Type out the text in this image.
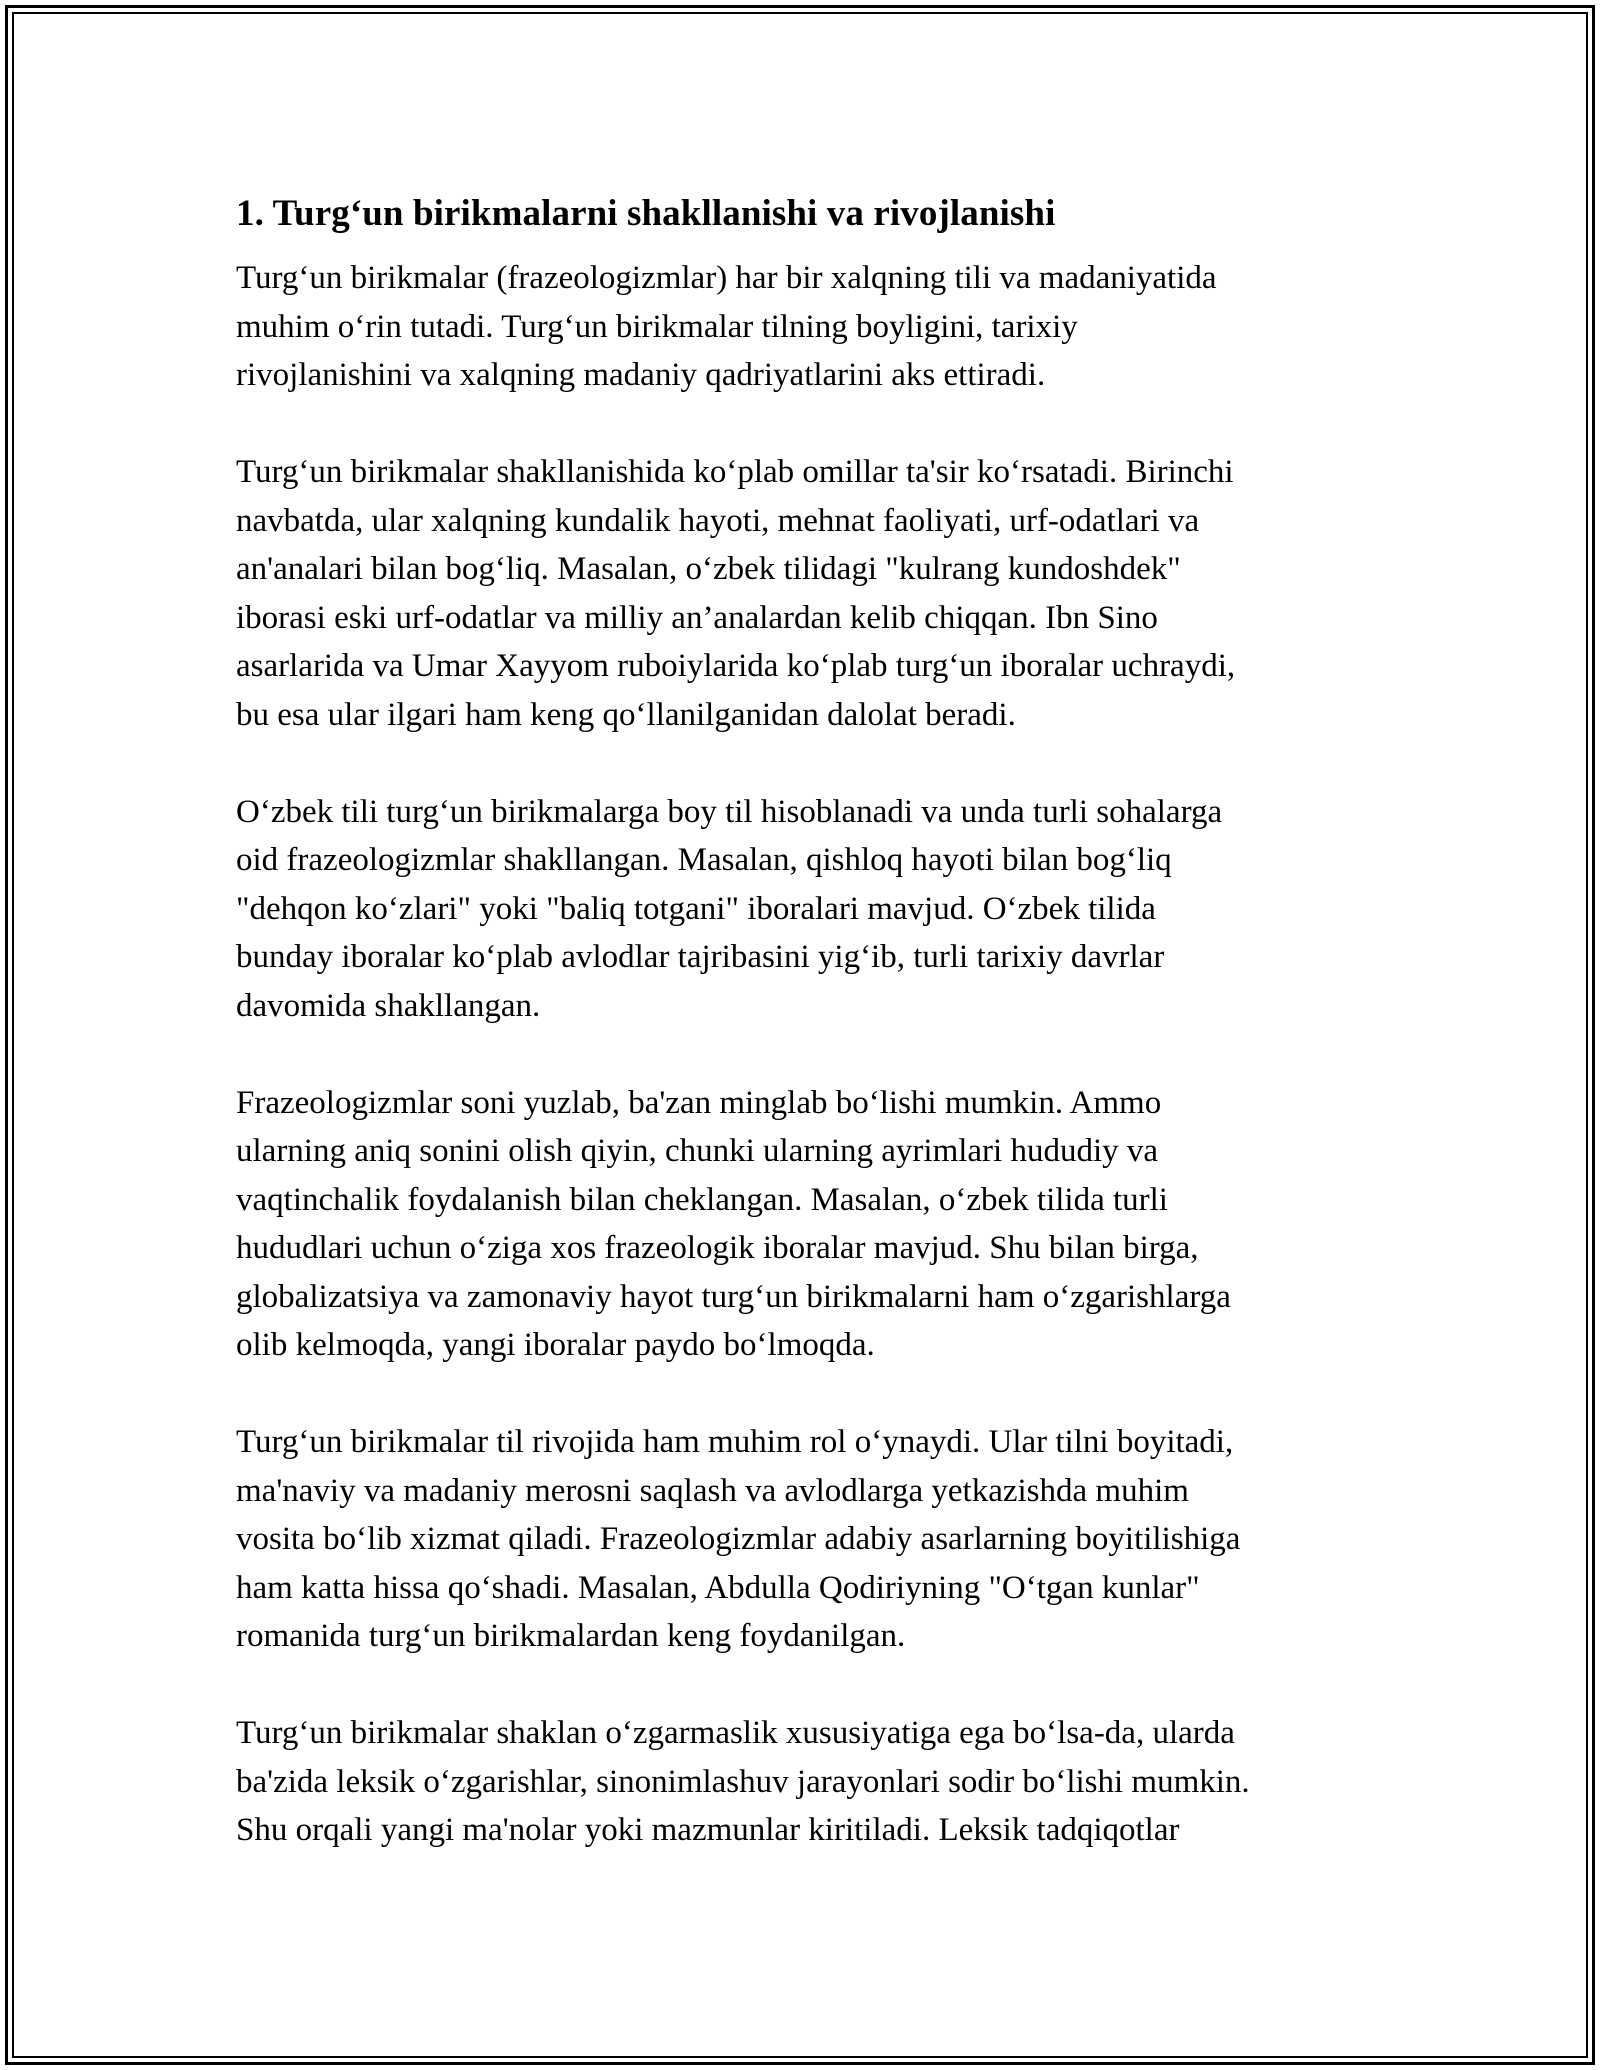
1. Turg‘un birikmalarni shakllanishi va rivojlanishi

Turg‘un birikmalar (frazeologizmlar) har bir xalqning tili va madaniyatida
muhim o‘rin tutadi. Turg‘un birikmalar tilning boyligini, tarixiy
rivojlanishini va xalqning madaniy qadriyatlarini aks ettiradi.

Turg‘un birikmalar shakllanishida ko‘plab omillar ta'sir ko‘rsatadi. Birinchi
navbatda, ular xalqning kundalik hayoti, mehnat faoliyati, urf-odatlari va
an'analari bilan bog‘liq. Masalan, o‘zbek tilidagi "kulrang kundoshdek"
iborasi eski urf-odatlar va milliy an’analardan kelib chiqqan. Ibn Sino
asarlarida va Umar Xayyom ruboiylarida ko‘plab turg‘un iboralar uchraydi,
bu esa ular ilgari ham keng qo‘llanilganidan dalolat beradi.

O‘zbek tili turg‘un birikmalarga boy til hisoblanadi va unda turli sohalarga
oid frazeologizmlar shakllangan. Masalan, qishloq hayoti bilan bog‘liq
"dehqon ko‘zlari" yoki "baliq totgani" iboralari mavjud. O‘zbek tilida
bunday iboralar ko‘plab avlodlar tajribasini yig‘ib, turli tarixiy davrlar
davomida shakllangan.

Frazeologizmlar soni yuzlab, ba'zan minglab bo‘lishi mumkin. Ammo
ularning aniq sonini olish qiyin, chunki ularning ayrimlari hududiy va
vaqtinchalik foydalanish bilan cheklangan. Masalan, o‘zbek tilida turli
hududlari uchun o‘ziga xos frazeologik iboralar mavjud. Shu bilan birga,
globalizatsiya va zamonaviy hayot turg‘un birikmalarni ham o‘zgarishlarga
olib kelmoqda, yangi iboralar paydo bo‘lmoqda.

Turg‘un birikmalar til rivojida ham muhim rol o‘ynaydi. Ular tilni boyitadi,
ma'naviy va madaniy merosni saqlash va avlodlarga yetkazishda muhim
vosita bo‘lib xizmat qiladi. Frazeologizmlar adabiy asarlarning boyitilishiga
ham katta hissa qo‘shadi. Masalan, Abdulla Qodiriyning "O‘tgan kunlar"
romanida turg‘un birikmalardan keng foydanilgan.

Turg‘un birikmalar shaklan o‘zgarmaslik xususiyatiga ega bo‘lsa-da, ularda
ba'zida leksik o‘zgarishlar, sinonimlashuv jarayonlari sodir bo‘lishi mumkin.
Shu orqali yangi ma'nolar yoki mazmunlar kiritiladi. Leksik tadqiqotlar
